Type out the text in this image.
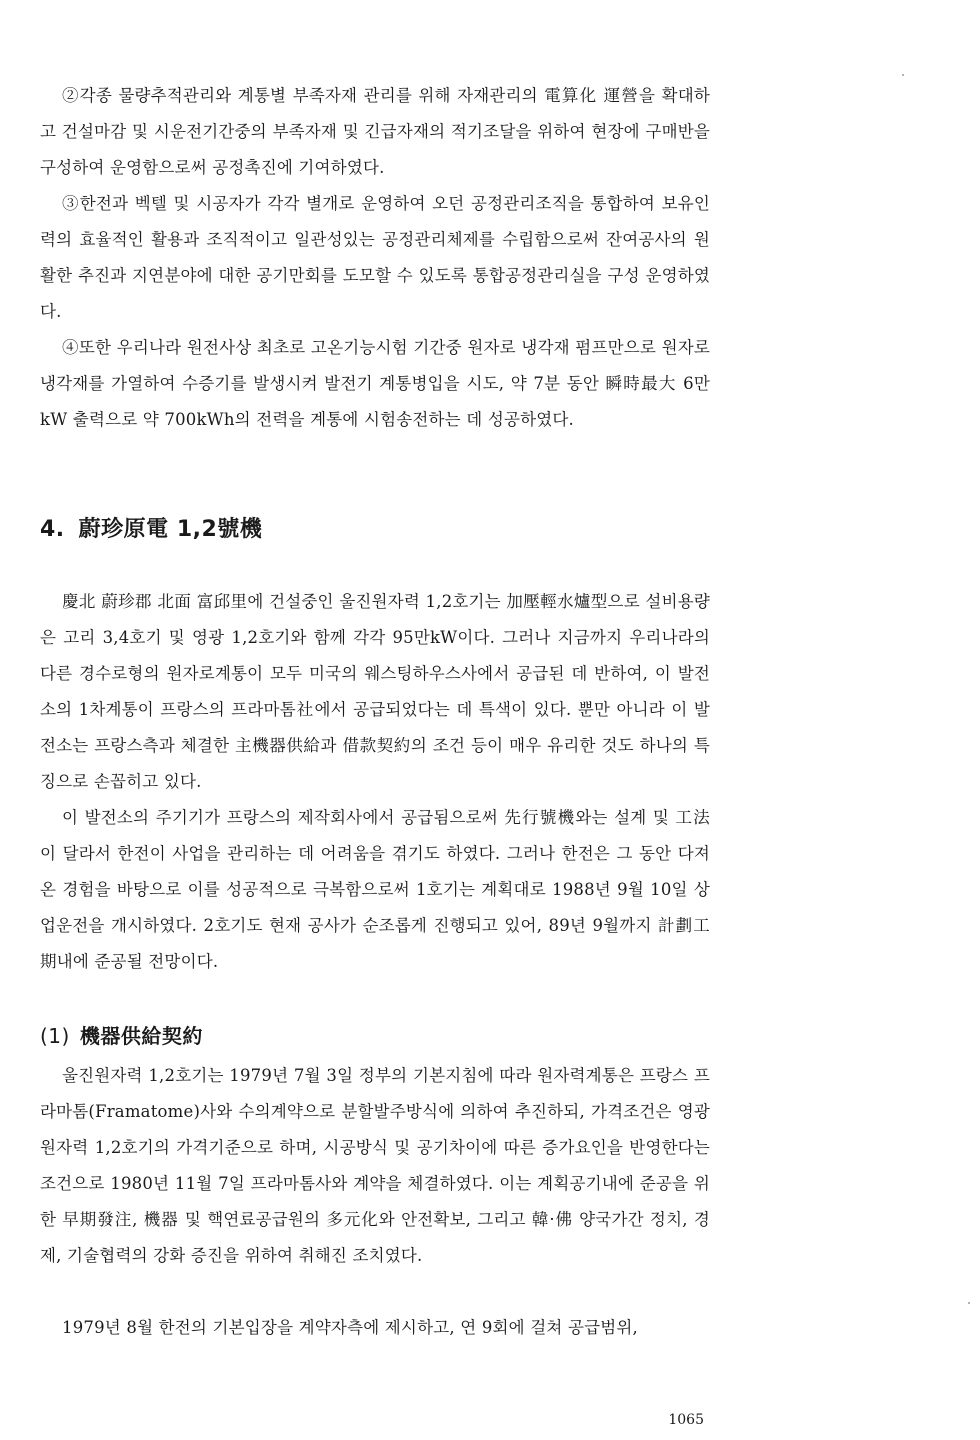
②각종 물량추적관리와 계통별 부족자재 관리를 위해 자재관리의 電算化 運營을 확대하고 건설마감 및 시운전기간중의 부족자재 및 긴급자재의 적기조달을 위하여 현장에 구매반을 구성하여 운영함으로써 공정촉진에 기여하였다.
③한전과 벡텔 및 시공자가 각각 별개로 운영하여 오던 공정관리조직을 통합하여 보유인력의 효율적인 활용과 조직적이고 일관성있는 공정관리체제를 수립함으로써 잔여공사의 원활한 추진과 지연분야에 대한 공기만회를 도모할 수 있도록 통합공정관리실을 구성 운영하였다.
④또한 우리나라 원전사상 최초로 고온기능시험 기간중 원자로 냉각재 펌프만으로 원자로 냉각재를 가열하여 수증기를 발생시켜 발전기 계통병입을 시도, 약 7분 동안 瞬時最大 6만kW 출력으로 약 700kWh의 전력을 계통에 시험송전하는 데 성공하였다.
4. 蔚珍原電 1,2號機
慶北 蔚珍郡 北面 富邱里에 건설중인 울진원자력 1,2호기는 加壓輕水爐型으로 설비용량은 고리 3,4호기 및 영광 1,2호기와 함께 각각 95만kW이다. 그러나 지금까지 우리나라의 다른 경수로형의 원자로계통이 모두 미국의 웨스팅하우스사에서 공급된 데 반하여, 이 발전소의 1차계통이 프랑스의 프라마톰社에서 공급되었다는 데 특색이 있다. 뿐만 아니라 이 발전소는 프랑스측과 체결한 主機器供給과 借款契約의 조건 등이 매우 유리한 것도 하나의 특징으로 손꼽히고 있다.
이 발전소의 주기기가 프랑스의 제작회사에서 공급됨으로써 先行號機와는 설계 및 工法이 달라서 한전이 사업을 관리하는 데 어려움을 겪기도 하였다. 그러나 한전은 그 동안 다져온 경험을 바탕으로 이를 성공적으로 극복함으로써 1호기는 계획대로 1988년 9월 10일 상업운전을 개시하였다. 2호기도 현재 공사가 순조롭게 진행되고 있어, 89년 9월까지 計劃工期내에 준공될 전망이다.
(1) 機器供給契約
울진원자력 1,2호기는 1979년 7월 3일 정부의 기본지침에 따라 원자력계통은 프랑스 프라마톰(Framatome)사와 수의계약으로 분할발주방식에 의하여 추진하되, 가격조건은 영광원자력 1,2호기의 가격기준으로 하며, 시공방식 및 공기차이에 따른 증가요인을 반영한다는 조건으로 1980년 11월 7일 프라마톰사와 계약을 체결하였다. 이는 계획공기내에 준공을 위한 早期發注, 機器 및 핵연료공급원의 多元化와 안전확보, 그리고 韓·佛 양국가간 정치, 경제, 기술협력의 강화 증진을 위하여 취해진 조치였다.
1979년 8월 한전의 기본입장을 계약자측에 제시하고, 연 9회에 걸쳐 공급범위,
1065
